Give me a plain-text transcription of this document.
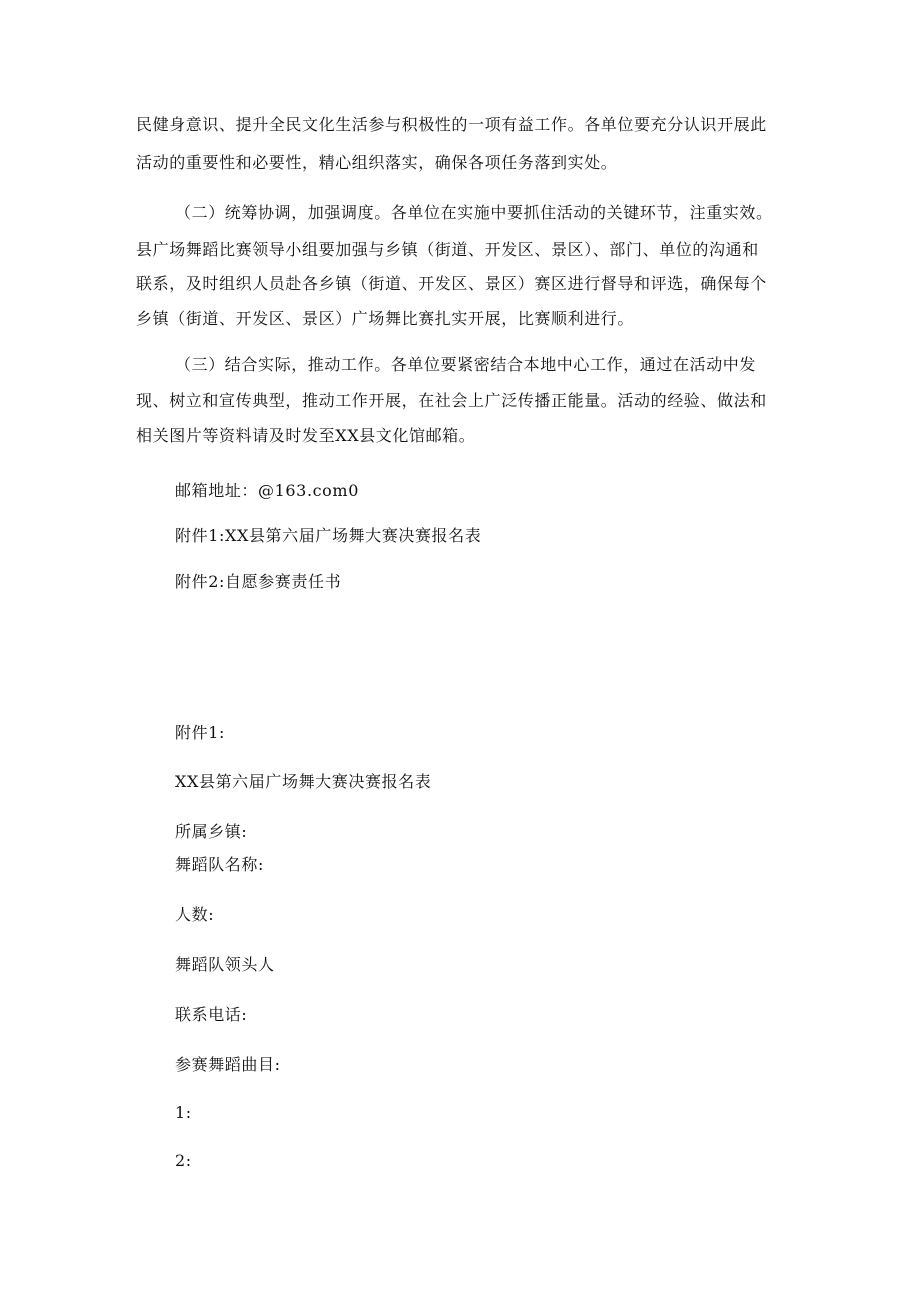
民健身意识、提升全民文化生活参与积极性的一项有益工作。各单位要充分认识开展此
活动的重要性和必要性，精心组织落实，确保各项任务落到实处。
（二）统筹协调，加强调度。各单位在实施中要抓住活动的关键环节，注重实效。
县广场舞蹈比赛领导小组要加强与乡镇（街道、开发区、景区）、部门、单位的沟通和
联系，及时组织人员赴各乡镇（街道、开发区、景区）赛区进行督导和评选，确保每个
乡镇（街道、开发区、景区）广场舞比赛扎实开展，比赛顺利进行。
（三）结合实际，推动工作。各单位要紧密结合本地中心工作，通过在活动中发
现、树立和宣传典型，推动工作开展，在社会上广泛传播正能量。活动的经验、做法和
相关图片等资料请及时发至XX县文化馆邮箱。
邮箱地址：@163.com0
附件1:XX县第六届广场舞大赛决赛报名表
附件2:自愿参赛责任书
附件1:
XX县第六届广场舞大赛决赛报名表
所属乡镇:
舞蹈队名称:
人数:
舞蹈队领头人
联系电话:
参赛舞蹈曲目:
1:
2:
